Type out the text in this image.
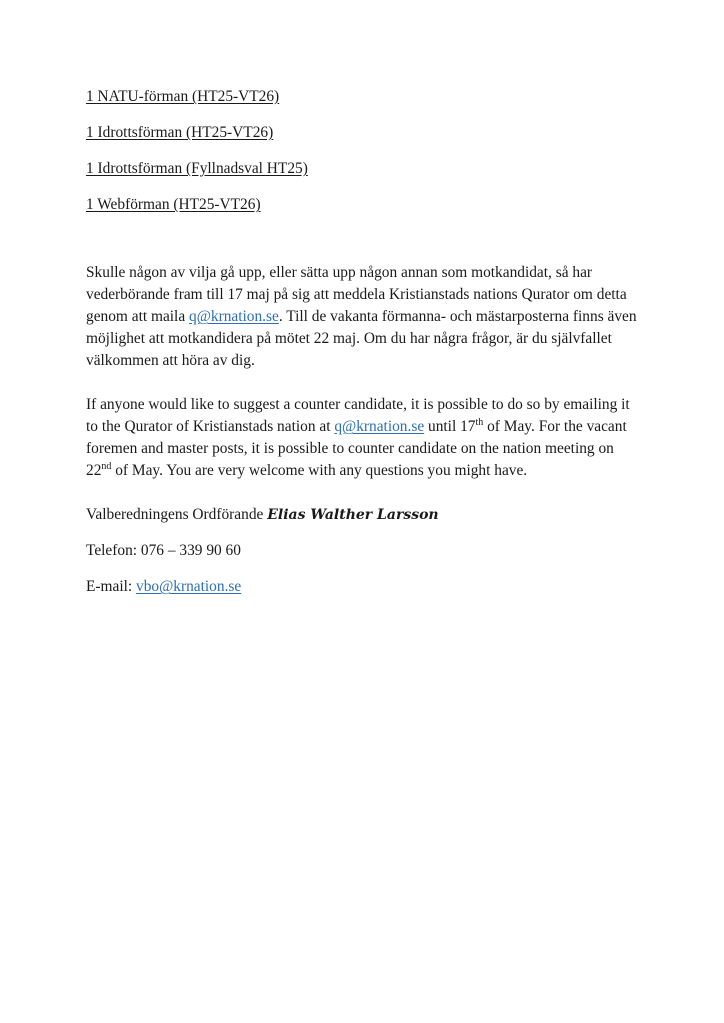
1 NATU-förman (HT25-VT26)
1 Idrottsförman (HT25-VT26)
1 Idrottsförman (Fyllnadsval HT25)
1 Webförman (HT25-VT26)

Skulle någon av vilja gå upp, eller sätta upp någon annan som motkandidat, så har vederbörande fram till 17 maj på sig att meddela Kristianstads nations Qurator om detta genom att maila q@krnation.se. Till de vakanta förmanna- och mästarposterna finns även möjlighet att motkandidera på mötet 22 maj. Om du har några frågor, är du självfallet välkommen att höra av dig.

If anyone would like to suggest a counter candidate, it is possible to do so by emailing it to the Qurator of Kristianstads nation at q@krnation.se until 17th of May. For the vacant foremen and master posts, it is possible to counter candidate on the nation meeting on 22nd of May. You are very welcome with any questions you might have.

Valberedningens Ordförande Elias Walther Larsson

Telefon: 076 – 339 90 60

E-mail: vbo@krnation.se
